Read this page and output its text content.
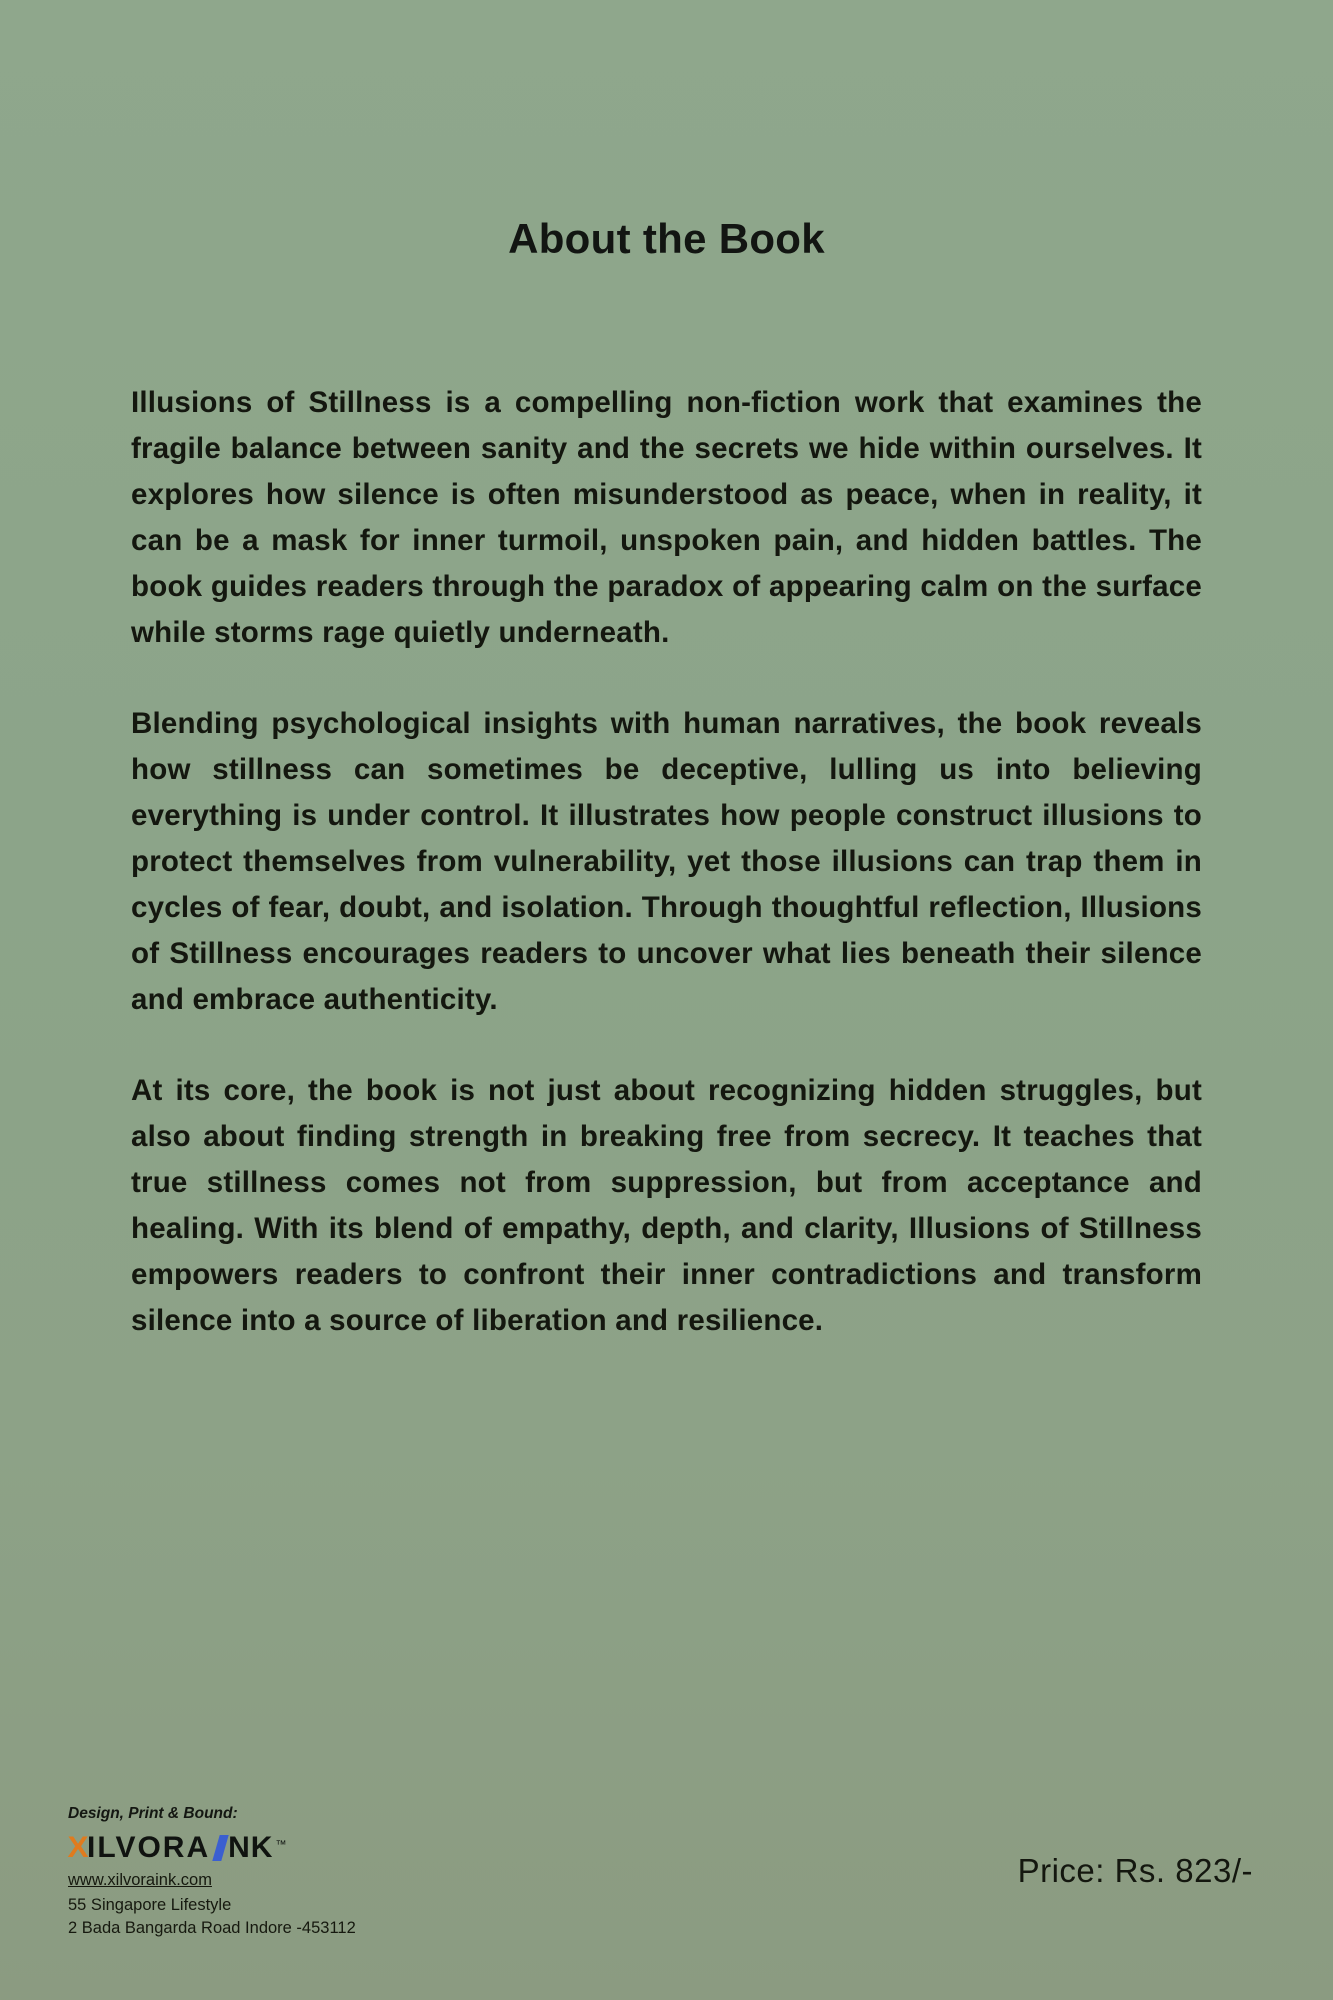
About the Book

Illusions of Stillness is a compelling non-fiction work that examines the fragile balance between sanity and the secrets we hide within ourselves. It explores how silence is often misunderstood as peace, when in reality, it can be a mask for inner turmoil, unspoken pain, and hidden battles. The book guides readers through the paradox of appearing calm on the surface while storms rage quietly underneath.

Blending psychological insights with human narratives, the book reveals how stillness can sometimes be deceptive, lulling us into believing everything is under control. It illustrates how people construct illusions to protect themselves from vulnerability, yet those illusions can trap them in cycles of fear, doubt, and isolation. Through thoughtful reflection, Illusions of Stillness encourages readers to uncover what lies beneath their silence and embrace authenticity.

At its core, the book is not just about recognizing hidden struggles, but also about finding strength in breaking free from secrecy. It teaches that true stillness comes not from suppression, but from acceptance and healing. With its blend of empathy, depth, and clarity, Illusions of Stillness empowers readers to confront their inner contradictions and transform silence into a source of liberation and resilience.

Design, Print & Bound:
X ILVORA NK ™
www.xilvoraink.com
55 Singapore Lifestyle
2 Bada Bangarda Road Indore -453112
Price: Rs. 823/-
